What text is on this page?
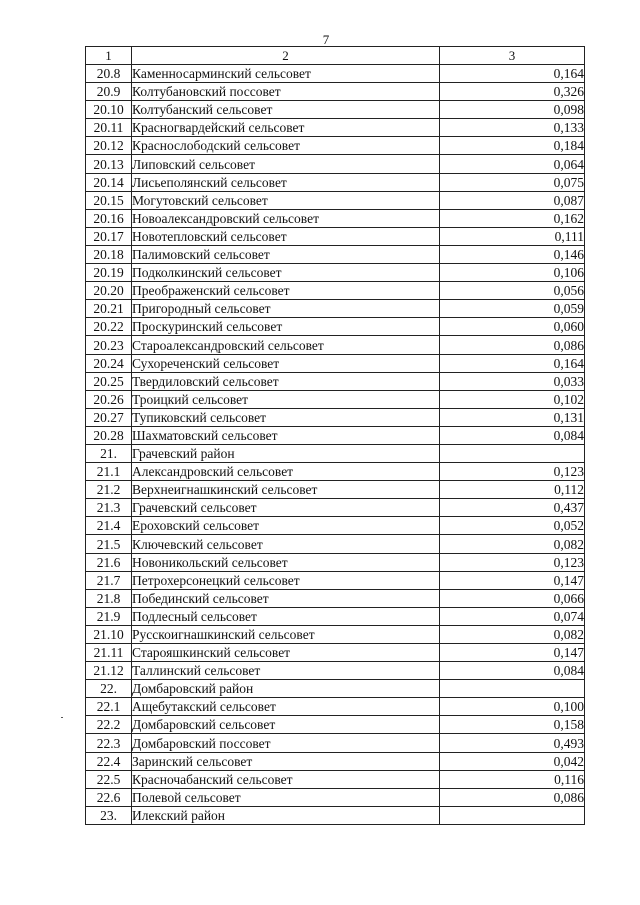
7
1	2	3
20.8	Каменносарминский сельсовет	0,164
20.9	Колтубановский поссовет	0,326
20.10	Колтубанский сельсовет	0,098
20.11	Красногвардейский сельсовет	0,133
20.12	Краснослободский сельсовет	0,184
20.13	Липовский сельсовет	0,064
20.14	Лисьеполянский сельсовет	0,075
20.15	Могутовский сельсовет	0,087
20.16	Новоалександровский сельсовет	0,162
20.17	Новотепловский сельсовет	0,111
20.18	Палимовский сельсовет	0,146
20.19	Подколкинский сельсовет	0,106
20.20	Преображенский сельсовет	0,056
20.21	Пригородный сельсовет	0,059
20.22	Проскуринский сельсовет	0,060
20.23	Староалександровский сельсовет	0,086
20.24	Сухореченский сельсовет	0,164
20.25	Твердиловский сельсовет	0,033
20.26	Троицкий сельсовет	0,102
20.27	Тупиковский сельсовет	0,131
20.28	Шахматовский сельсовет	0,084
21.	Грачевский район	
21.1	Александровский сельсовет	0,123
21.2	Верхнеигнашкинский сельсовет	0,112
21.3	Грачевский сельсовет	0,437
21.4	Ероховский сельсовет	0,052
21.5	Ключевский сельсовет	0,082
21.6	Новоникольский сельсовет	0,123
21.7	Петрохерсонецкий сельсовет	0,147
21.8	Побединский сельсовет	0,066
21.9	Подлесный сельсовет	0,074
21.10	Русскоигнашкинский сельсовет	0,082
21.11	Старояшкинский сельсовет	0,147
21.12	Таллинский сельсовет	0,084
22.	Домбаровский район	
22.1	Ащебутакский сельсовет	0,100
22.2	Домбаровский сельсовет	0,158
22.3	Домбаровский поссовет	0,493
22.4	Заринский сельсовет	0,042
22.5	Красночабанский сельсовет	0,116
22.6	Полевой сельсовет	0,086
23.	Илекский район	
